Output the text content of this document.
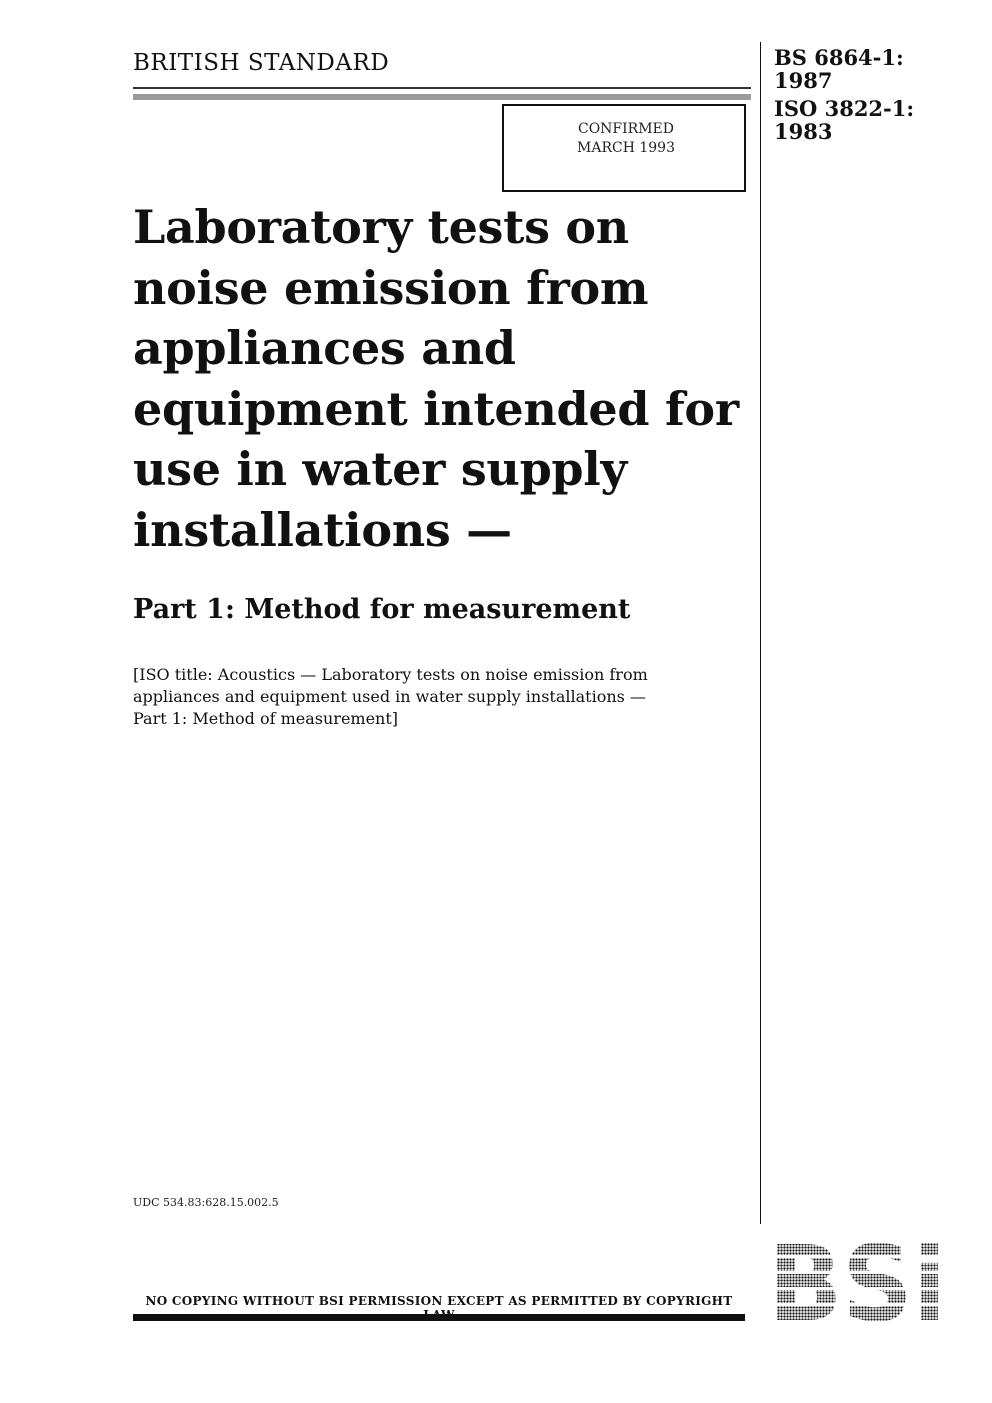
BRITISH STANDARD
CONFIRMED
MARCH 1993
BS 6864-1:
1987
ISO 3822-1:
1983
Laboratory tests on
noise emission from
appliances and
equipment intended for
use in water supply
installations —
Part 1: Method for measurement
[ISO title: Acoustics — Laboratory tests on noise emission from
appliances and equipment used in water supply installations —
Part 1: Method of measurement]
UDC 534.83:628.15.002.5
NO COPYING WITHOUT BSI PERMISSION EXCEPT AS PERMITTED BY COPYRIGHT
